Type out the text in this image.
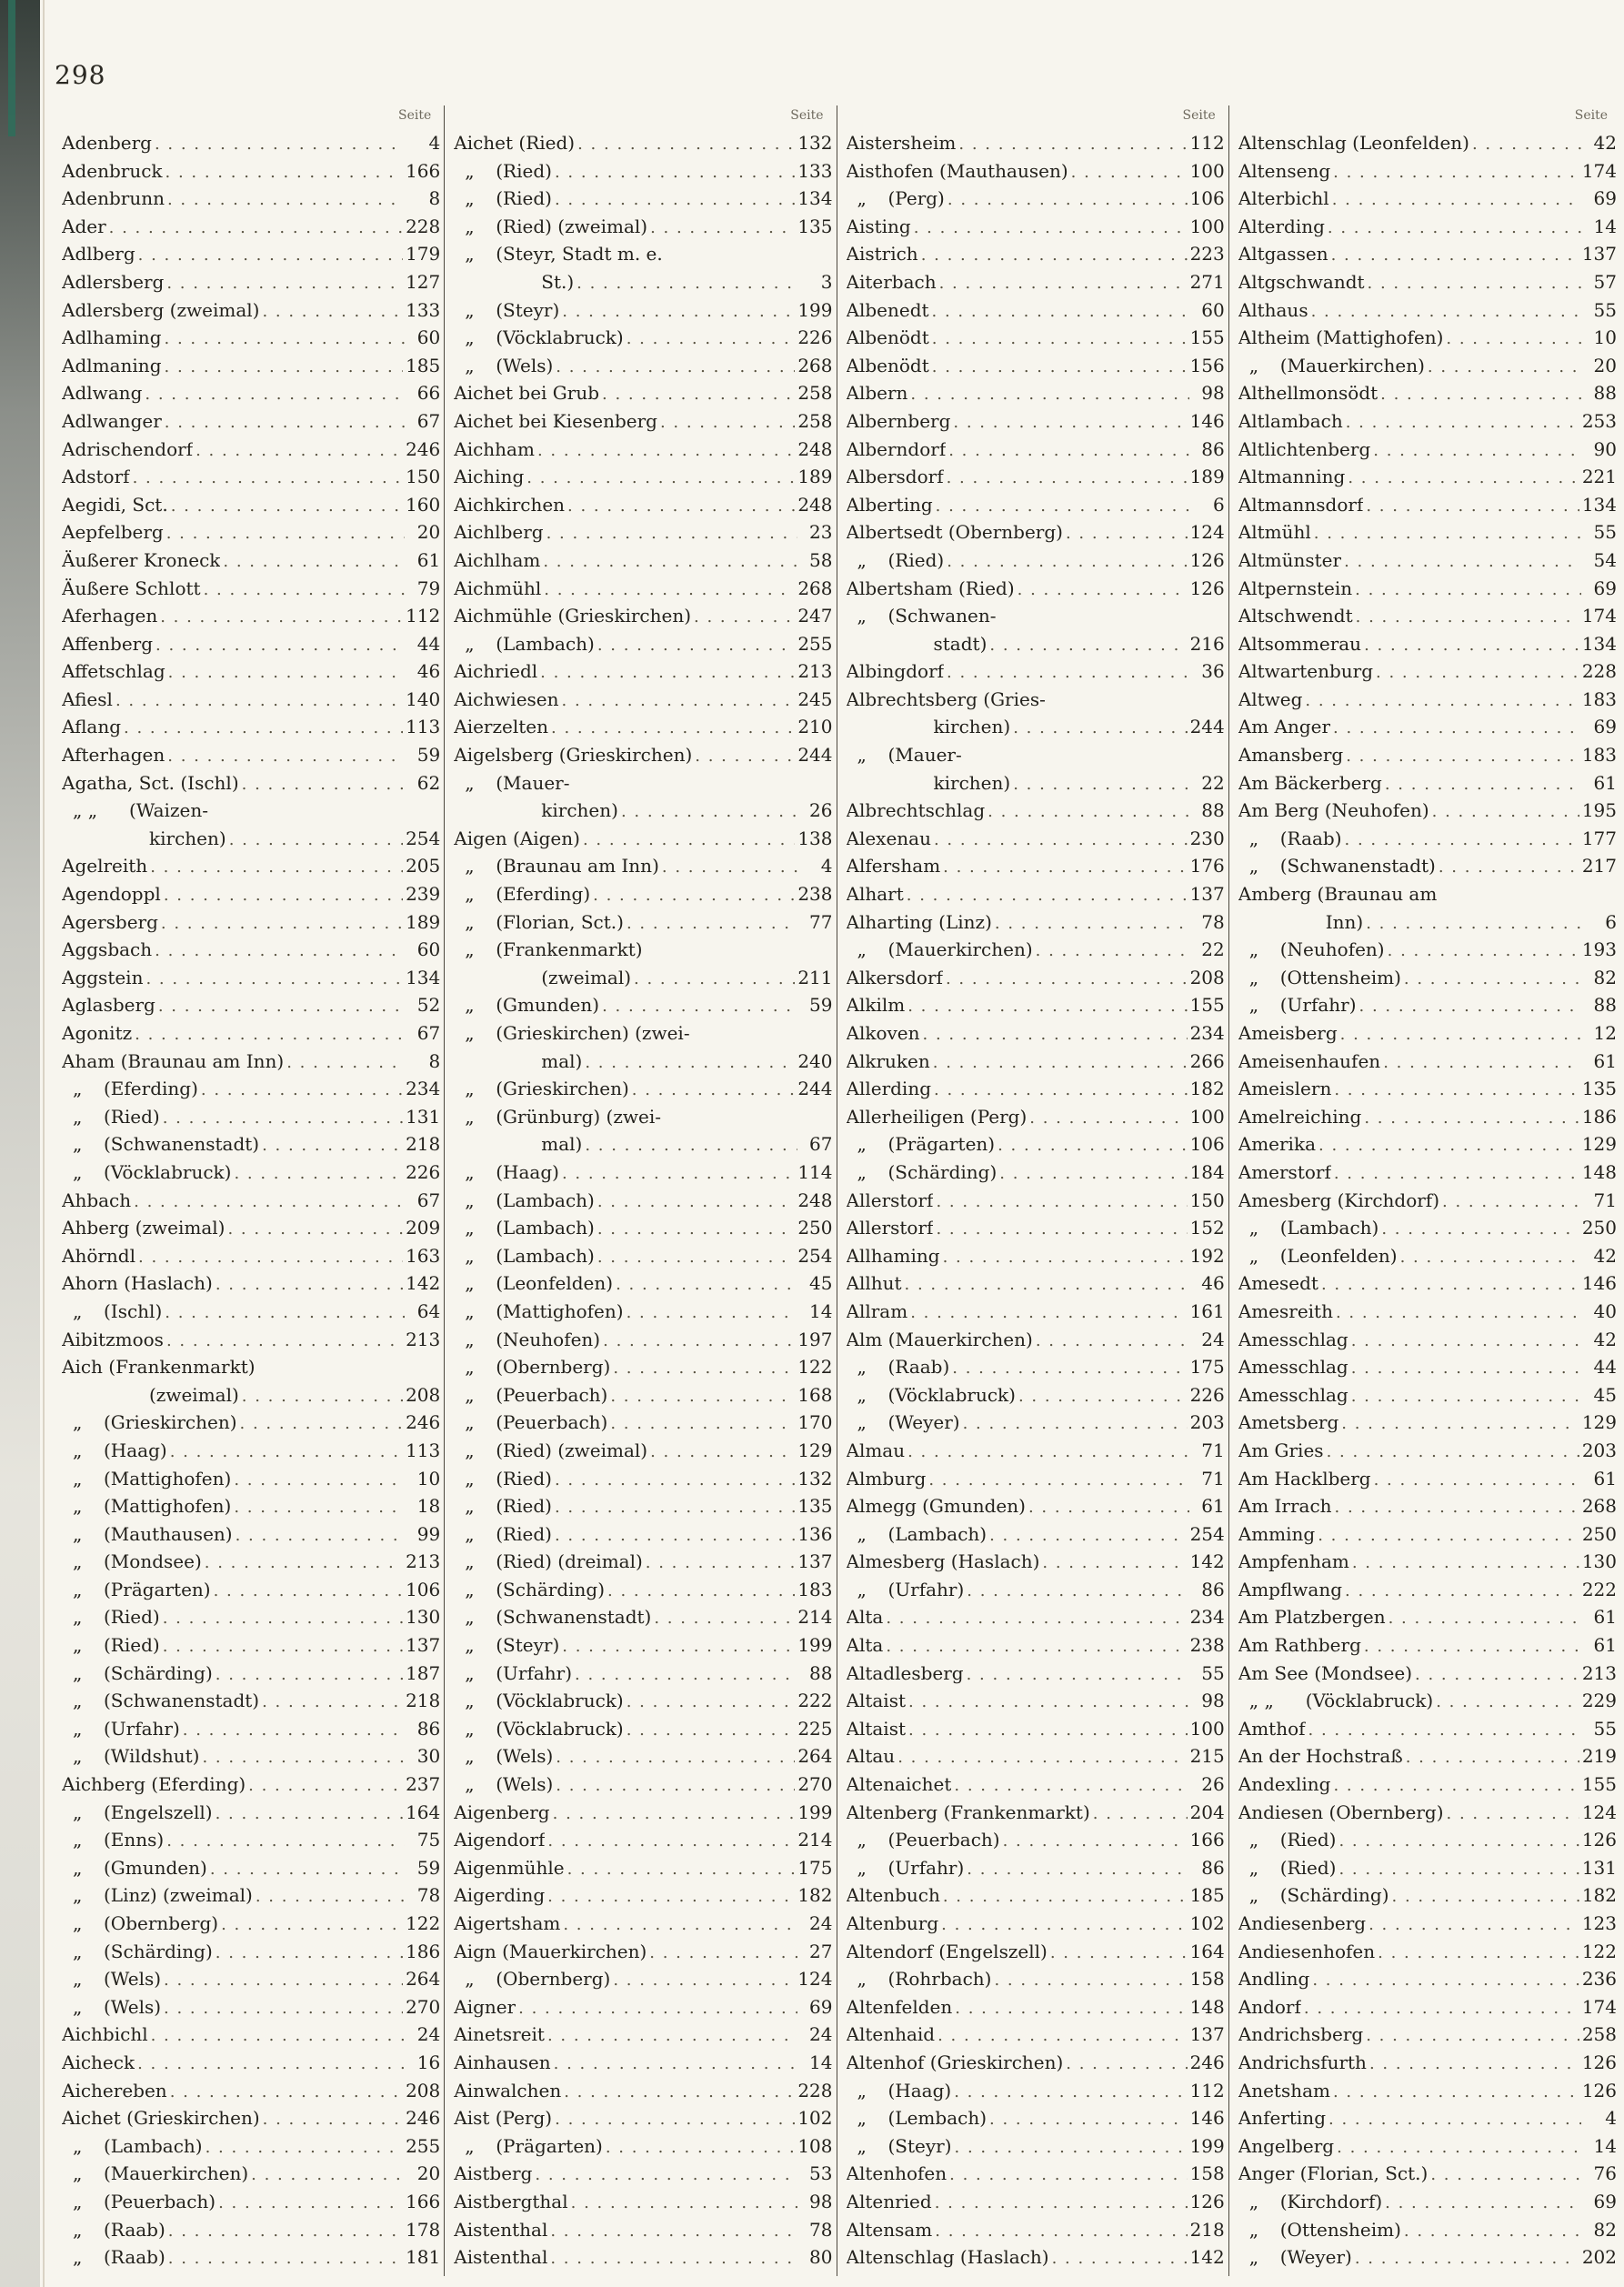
298
Seite
Adenberg . . .	4
Adenbruck . . .	166
Adenbrunn . . .	8
Ader . . .	228
Adlberg . . .	179
Adlersberg . . .	127
Adlersberg (zweimal) . . .	133
Adlhaming . . .	60
Adlmaning . . .	185
Adlwang . . .	66
Adlwanger . . .	67
Adrischendorf . . .	246
Adstorf . . .	150
Aegidi, Sct. . . .	160
Aepfelberg . . .	20
Äußerer Kroneck . . .	61
Äußere Schlott . . .	79
Aferhagen . . .	112
Affenberg . . .	44
Affetschlag . . .	46
Afiesl . . .	140
Aflang . . .	113
Afterhagen . . .	59
Agatha, Sct. (Ischl) . . .	62
„ „ (Waizen-
kirchen) . . .	254
Agelreith . . .	205
Agendoppl . . .	239
Agersberg . . .	189
Aggsbach . . .	60
Aggstein . . .	134
Aglasberg . . .	52
Agonitz . . .	67
Aham (Braunau am Inn) . . .	8
„ (Eferding) . . .	234
„ (Ried) . . .	131
„ (Schwanenstadt) . . .	218
„ (Vöcklabruck) . . .	226
Ahbach . . .	67
Ahberg (zweimal) . . .	209
Ahörndl . . .	163
Ahorn (Haslach) . . .	142
„ (Ischl) . . .	64
Aibitzmoos . . .	213
Aich (Frankenmarkt)
(zweimal) . . .	208
„ (Grieskirchen) . . .	246
„ (Haag) . . .	113
„ (Mattighofen) . . .	10
„ (Mattighofen) . . .	18
„ (Mauthausen) . . .	99
„ (Mondsee) . . .	213
„ (Prägarten) . . .	106
„ (Ried) . . .	130
„ (Ried) . . .	137
„ (Schärding) . . .	187
„ (Schwanenstadt) . . .	218
„ (Urfahr) . . .	86
„ (Wildshut) . . .	30
Aichberg (Eferding) . . .	237
„ (Engelszell) . . .	164
„ (Enns) . . .	75
„ (Gmunden) . . .	59
„ (Linz) (zweimal) . . .	78
„ (Obernberg) . . .	122
„ (Schärding) . . .	186
„ (Wels) . . .	264
„ (Wels) . . .	270
Aichbichl . . .	24
Aicheck . . .	16
Aichereben . . .	208
Aichet (Grieskirchen) . . .	246
„ (Lambach) . . .	255
„ (Mauerkirchen) . . .	20
„ (Peuerbach) . . .	166
„ (Raab) . . .	178
„ (Raab) . . .	181
Seite
Aichet (Ried) . . .	132
„ (Ried) . . .	133
„ (Ried) . . .	134
„ (Ried) (zweimal) . . .	135
„ (Steyr, Stadt m. e.
St.) . . .	3
„ (Steyr) . . .	199
„ (Vöcklabruck) . . .	226
„ (Wels) . . .	268
Aichet bei Grub . . .	258
Aichet bei Kiesenberg . . .	258
Aichham . . .	248
Aiching . . .	189
Aichkirchen . . .	248
Aichlberg . . .	23
Aichlham . . .	58
Aichmühl . . .	268
Aichmühle (Grieskirchen) . . .	247
„ (Lambach) . . .	255
Aichriedl . . .	213
Aichwiesen . . .	245
Aierzelten . . .	210
Aigelsberg (Grieskirchen) . . .	244
„ (Mauer-
kirchen) . . .	26
Aigen (Aigen) . . .	138
„ (Braunau am Inn) . . .	4
„ (Eferding) . . .	238
„ (Florian, Sct.) . . .	77
„ (Frankenmarkt)
(zweimal) . . .	211
„ (Gmunden) . . .	59
„ (Grieskirchen) (zwei-
mal) . . .	240
„ (Grieskirchen) . . .	244
„ (Grünburg) (zwei-
mal) . . .	67
„ (Haag) . . .	114
„ (Lambach) . . .	248
„ (Lambach) . . .	250
„ (Lambach) . . .	254
„ (Leonfelden) . . .	45
„ (Mattighofen) . . .	14
„ (Neuhofen) . . .	197
„ (Obernberg) . . .	122
„ (Peuerbach) . . .	168
„ (Peuerbach) . . .	170
„ (Ried) (zweimal) . . .	129
„ (Ried) . . .	132
„ (Ried) . . .	135
„ (Ried) . . .	136
„ (Ried) (dreimal) . . .	137
„ (Schärding) . . .	183
„ (Schwanenstadt) . . .	214
„ (Steyr) . . .	199
„ (Urfahr) . . .	88
„ (Vöcklabruck) . . .	222
„ (Vöcklabruck) . . .	225
„ (Wels) . . .	264
„ (Wels) . . .	270
Aigenberg . . .	199
Aigendorf . . .	214
Aigenmühle . . .	175
Aigerding . . .	182
Aigertsham . . .	24
Aign (Mauerkirchen) . . .	27
„ (Obernberg) . . .	124
Aigner . . .	69
Ainetsreit . . .	24
Ainhausen . . .	14
Ainwalchen . . .	228
Aist (Perg) . . .	102
„ (Prägarten) . . .	108
Aistberg . . .	53
Aistbergthal . . .	98
Aistenthal . . .	78
Aistenthal . . .	80
Seite
Aistersheim . . .	112
Aisthofen (Mauthausen) . . .	100
„ (Perg) . . .	106
Aisting . . .	100
Aistrich . . .	223
Aiterbach . . .	271
Albenedt . . .	60
Albenödt . . .	155
Albenödt . . .	156
Albern . . .	98
Albernberg . . .	146
Alberndorf . . .	86
Albersdorf . . .	189
Alberting . . .	6
Albertsedt (Obernberg) . . .	124
„ (Ried) . . .	126
Albertsham (Ried) . . .	126
„ (Schwanen-
stadt) . . .	216
Albingdorf . . .	36
Albrechtsberg (Gries-
kirchen) . . .	244
„ (Mauer-
kirchen) . . .	22
Albrechtschlag . . .	88
Alexenau . . .	230
Alfersham . . .	176
Alhart . . .	137
Alharting (Linz) . . .	78
„ (Mauerkirchen) . . .	22
Alkersdorf . . .	208
Alkilm . . .	155
Alkoven . . .	234
Alkruken . . .	266
Allerding . . .	182
Allerheiligen (Perg) . . .	100
„ (Prägarten) . . .	106
„ (Schärding) . . .	184
Allerstorf . . .	150
Allerstorf . . .	152
Allhaming . . .	192
Allhut . . .	46
Allram . . .	161
Alm (Mauerkirchen) . . .	24
„ (Raab) . . .	175
„ (Vöcklabruck) . . .	226
„ (Weyer) . . .	203
Almau . . .	71
Almburg . . .	71
Almegg (Gmunden) . . .	61
„ (Lambach) . . .	254
Almesberg (Haslach) . . .	142
„ (Urfahr) . . .	86
Alta . . .	234
Alta . . .	238
Altadlesberg . . .	55
Altaist . . .	98
Altaist . . .	100
Altau . . .	215
Altenaichet . . .	26
Altenberg (Frankenmarkt) . . .	204
„ (Peuerbach) . . .	166
„ (Urfahr) . . .	86
Altenbuch . . .	185
Altenburg . . .	102
Altendorf (Engelszell) . . .	164
„ (Rohrbach) . . .	158
Altenfelden . . .	148
Altenhaid . . .	137
Altenhof (Grieskirchen) . . .	246
„ (Haag) . . .	112
„ (Lembach) . . .	146
„ (Steyr) . . .	199
Altenhofen . . .	158
Altenried . . .	126
Altensam . . .	218
Altenschlag (Haslach) . . .	142
Seite
Altenschlag (Leonfelden) . . .	42
Altenseng . . .	174
Alterbichl . . .	69
Alterding . . .	14
Altgassen . . .	137
Altgschwandt . . .	57
Althaus . . .	55
Altheim (Mattighofen) . . .	10
„ (Mauerkirchen) . . .	20
Althellmonsödt . . .	88
Altlambach . . .	253
Altlichtenberg . . .	90
Altmanning . . .	221
Altmannsdorf . . .	134
Altmühl . . .	55
Altmünster . . .	54
Altpernstein . . .	69
Altschwendt . . .	174
Altsommerau . . .	134
Altwartenburg . . .	228
Altweg . . .	183
Am Anger . . .	69
Amansberg . . .	183
Am Bäckerberg . . .	61
Am Berg (Neuhofen) . . .	195
„ (Raab) . . .	177
„ (Schwanenstadt) . . .	217
Amberg (Braunau am
Inn) . . .	6
„ (Neuhofen) . . .	193
„ (Ottensheim) . . .	82
„ (Urfahr) . . .	88
Ameisberg . . .	12
Ameisenhaufen . . .	61
Ameislern . . .	135
Amelreiching . . .	186
Amerika . . .	129
Amerstorf . . .	148
Amesberg (Kirchdorf) . . .	71
„ (Lambach) . . .	250
„ (Leonfelden) . . .	42
Amesedt . . .	146
Amesreith . . .	40
Amesschlag . . .	42
Amesschlag . . .	44
Amesschlag . . .	45
Ametsberg . . .	129
Am Gries . . .	203
Am Hacklberg . . .	61
Am Irrach . . .	268
Amming . . .	250
Ampfenham . . .	130
Ampflwang . . .	222
Am Platzbergen . . .	61
Am Rathberg . . .	61
Am See (Mondsee) . . .	213
„ „ (Vöcklabruck) . . .	229
Amthof . . .	55
An der Hochstraß . . .	219
Andexling . . .	155
Andiesen (Obernberg) . . .	124
„ (Ried) . . .	126
„ (Ried) . . .	131
„ (Schärding) . . .	182
Andiesenberg . . .	123
Andiesenhofen . . .	122
Andling . . .	236
Andorf . . .	174
Andrichsberg . . .	258
Andrichsfurth . . .	126
Anetsham . . .	126
Anferting . . .	4
Angelberg . . .	14
Anger (Florian, Sct.) . . .	76
„ (Kirchdorf) . . .	69
„ (Ottensheim) . . .	82
„ (Weyer) . . .	202
